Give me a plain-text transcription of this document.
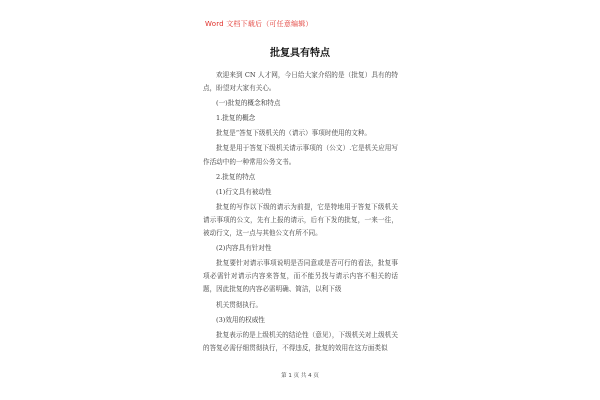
Word 文档下载后（可任意编辑）
批复具有特点

欢迎来到 CN 人才网，今日给大家介绍的是（批复）具有的特点，盼望对大家有关心。

(一)批复的概念和特点

1.批复的概念

批复是“答复下级机关的（请示）事项时使用的文种。

批复是用于答复下级机关请示事项的（公文）.它是机关应用写作活动中的一种常用公务文书。

2.批复的特点

(1)行文具有被动性

批复的写作以下级的请示为前提，它是特地用于答复下级机关请示事项的公文，先有上报的请示，后有下发的批复，一来一往，被动行文，这一点与其他公文有所不同。

(2)内容具有针对性

批复要针对请示事项说明是否同意或是否可行的看法，批复事项必需针对请示内容来答复，而不能另找与请示内容不相关的话题，因此批复的内容必需明确、简洁，以利下级

机关贯彻执行。

(3)效用的权威性

批复表示的是上级机关的结论性（意见），下级机关对上级机关的答复必需仔细贯彻执行，不得违反，批复的效用在这方面类似

第 1 页 共 4 页
